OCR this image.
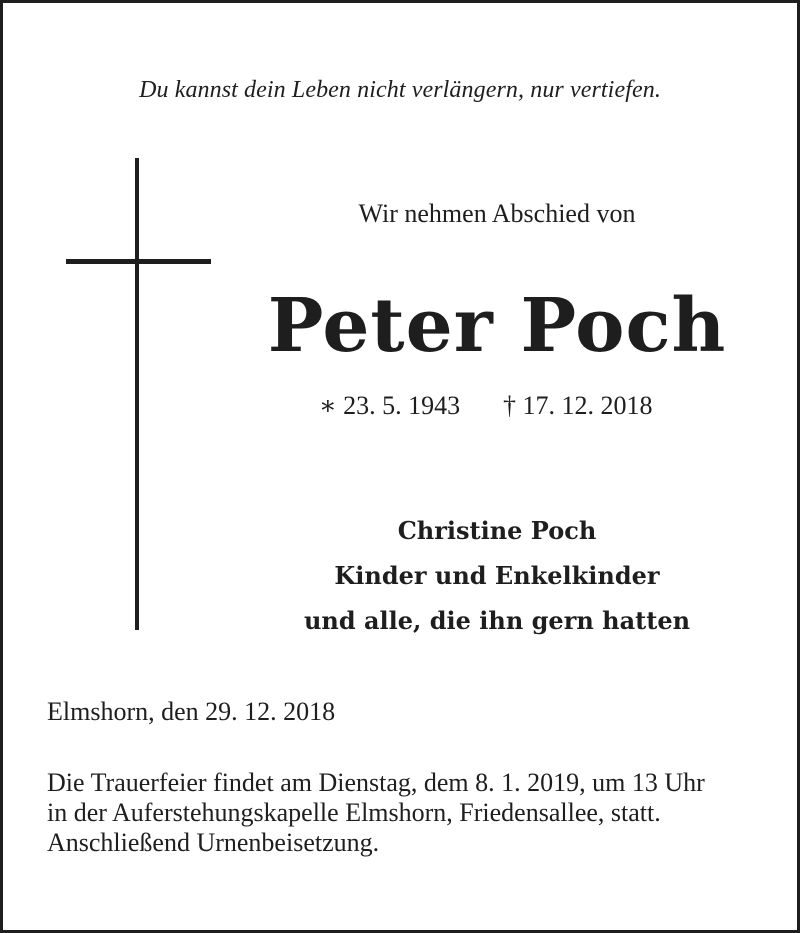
Du kannst dein Leben nicht verlängern, nur vertiefen.
Wir nehmen Abschied von
Peter Poch
∗ 23. 5. 1943 † 17. 12. 2018
Christine Poch
Kinder und Enkelkinder
und alle, die ihn gern hatten
Elmshorn, den 29. 12. 2018
Die Trauerfeier findet am Dienstag, dem 8. 1. 2019, um 13 Uhr
in der Auferstehungskapelle Elmshorn, Friedensallee, statt.
Anschließend Urnenbeisetzung.
